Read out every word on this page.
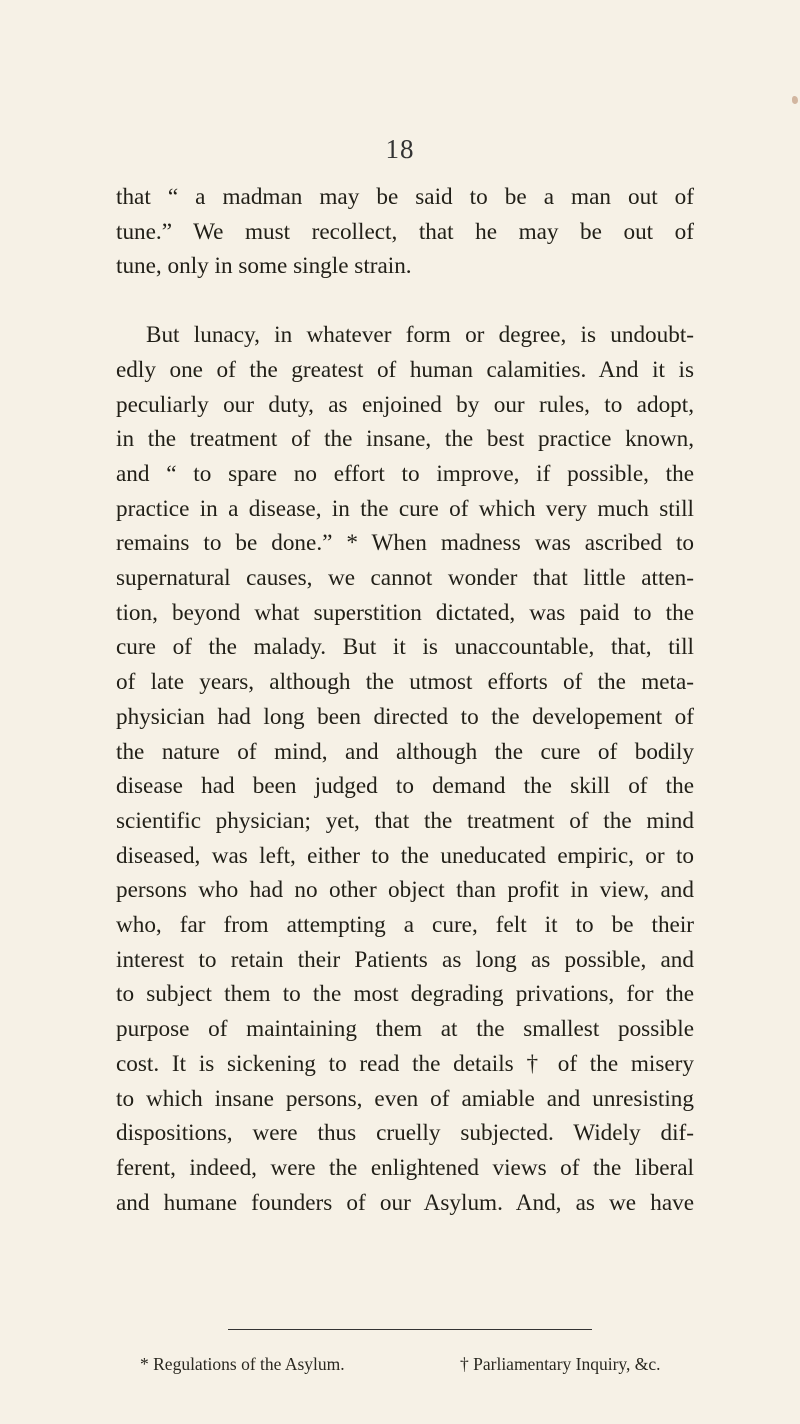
18

that “ a madman may be said to be a man out of
tune.” We must recollect, that he may be out of
tune, only in some single strain.

But lunacy, in whatever form or degree, is undoubt-
edly one of the greatest of human calamities. And it is
peculiarly our duty, as enjoined by our rules, to adopt,
in the treatment of the insane, the best practice known,
and “ to spare no effort to improve, if possible, the
practice in a disease, in the cure of which very much still
remains to be done.” * When madness was ascribed to
supernatural causes, we cannot wonder that little atten-
tion, beyond what superstition dictated, was paid to the
cure of the malady. But it is unaccountable, that, till
of late years, although the utmost efforts of the meta-
physician had long been directed to the developement of
the nature of mind, and although the cure of bodily
disease had been judged to demand the skill of the
scientific physician; yet, that the treatment of the mind
diseased, was left, either to the uneducated empiric, or to
persons who had no other object than profit in view, and
who, far from attempting a cure, felt it to be their
interest to retain their Patients as long as possible, and
to subject them to the most degrading privations, for the
purpose of maintaining them at the smallest possible
cost. It is sickening to read the details † of the misery
to which insane persons, even of amiable and unresisting
dispositions, were thus cruelly subjected. Widely dif-
ferent, indeed, were the enlightened views of the liberal
and humane founders of our Asylum. And, as we have

* Regulations of the Asylum.	† Parliamentary Inquiry, &c.
